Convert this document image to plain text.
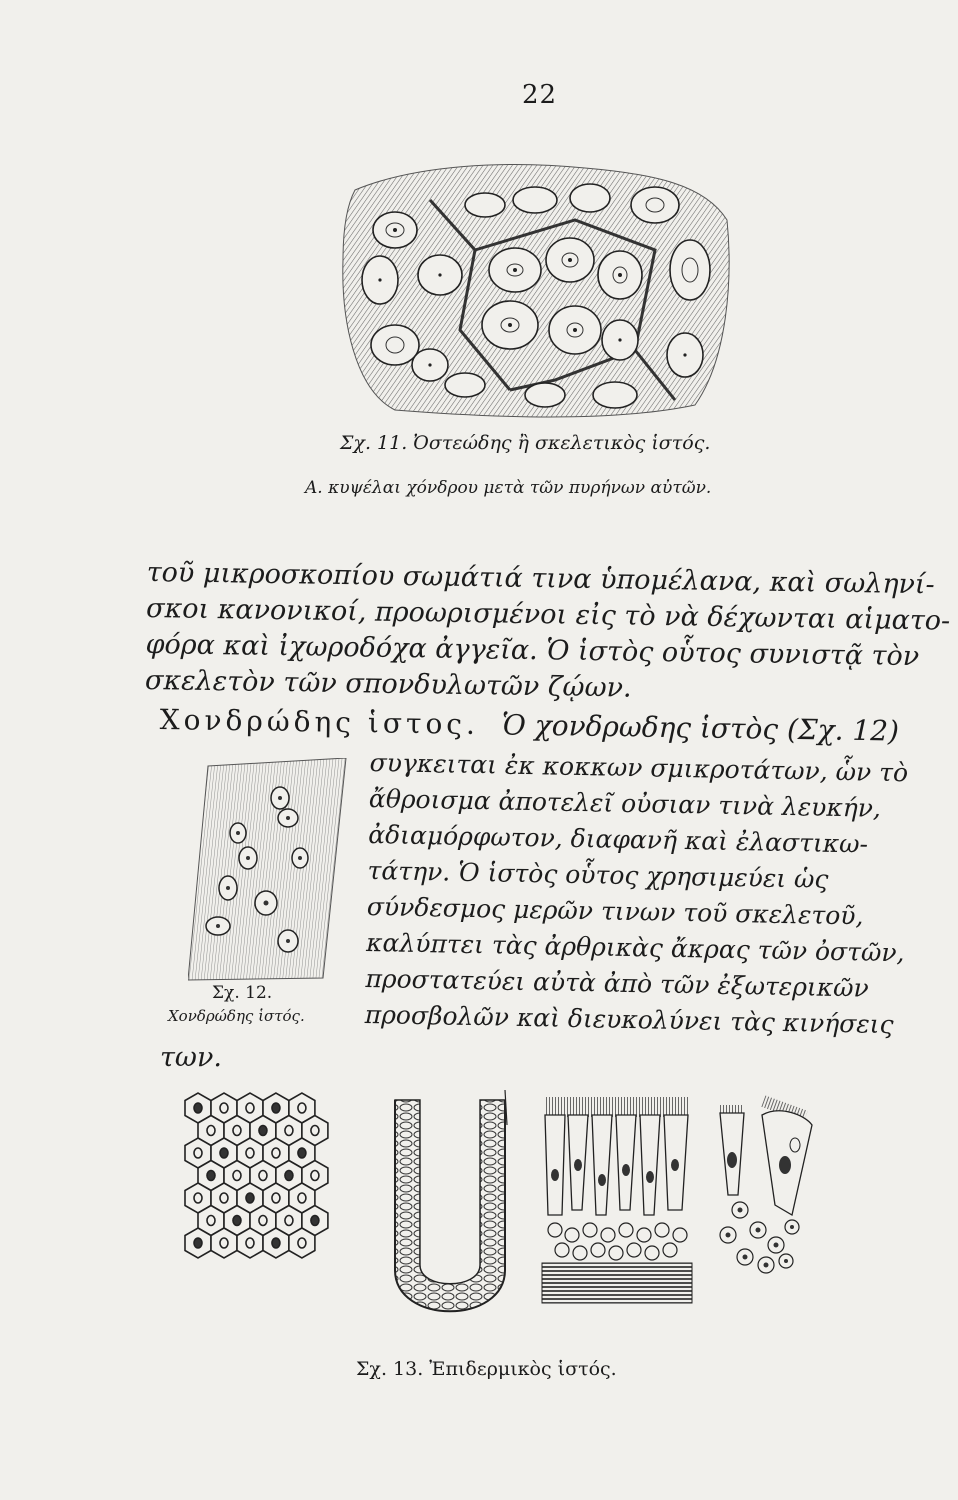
22
Σχ. 11. Ὀστεώδης ἢ σκελετικὸς ἱστός.
Α. κυψέλαι χόνδρου μετὰ τῶν πυρήνων αὐτῶν.
τοῦ μικροσκοπίου σωμάτιά τινα ὑπομέλανα, καὶ σωληνί-
σκοι κανονικοί, προωρισμένοι εἰς τὸ νὰ δέχωνται αἱματο-
φόρα καὶ ἰχωροδόχα ἀγγεῖα. Ὁ ἱστὸς οὗτος συνιστᾷ τὸν
σκελετὸν τῶν σπονδυλωτῶν ζῴων.
Χονδρώδης ἱστος. Ὁ χονδρωδης ἱστὸς (Σχ. 12)
Σχ. 12.
Χονδρώδης ἱστός.
συγκειται ἐκ κοκκων σμικροτάτων, ὧν τὸ
ἄθροισμα ἀποτελεῖ οὐσιαν τινὰ λευκήν,
ἀδιαμόρφωτον, διαφανῆ καὶ ἐλαστικω-
τάτην. Ὁ ἱστὸς οὗτος χρησιμεύει ὡς
σύνδεσμος μερῶν τινων τοῦ σκελετοῦ,
καλύπτει τὰς ἀρθρικὰς ἄκρας τῶν ὀστῶν,
προστατεύει αὐτὰ ἀπὸ τῶν ἐξωτερικῶν
προσβολῶν καὶ διευκολύνει τὰς κινήσεις
των.
Σχ. 13. Ἐπιδερμικὸς ἱστός.
